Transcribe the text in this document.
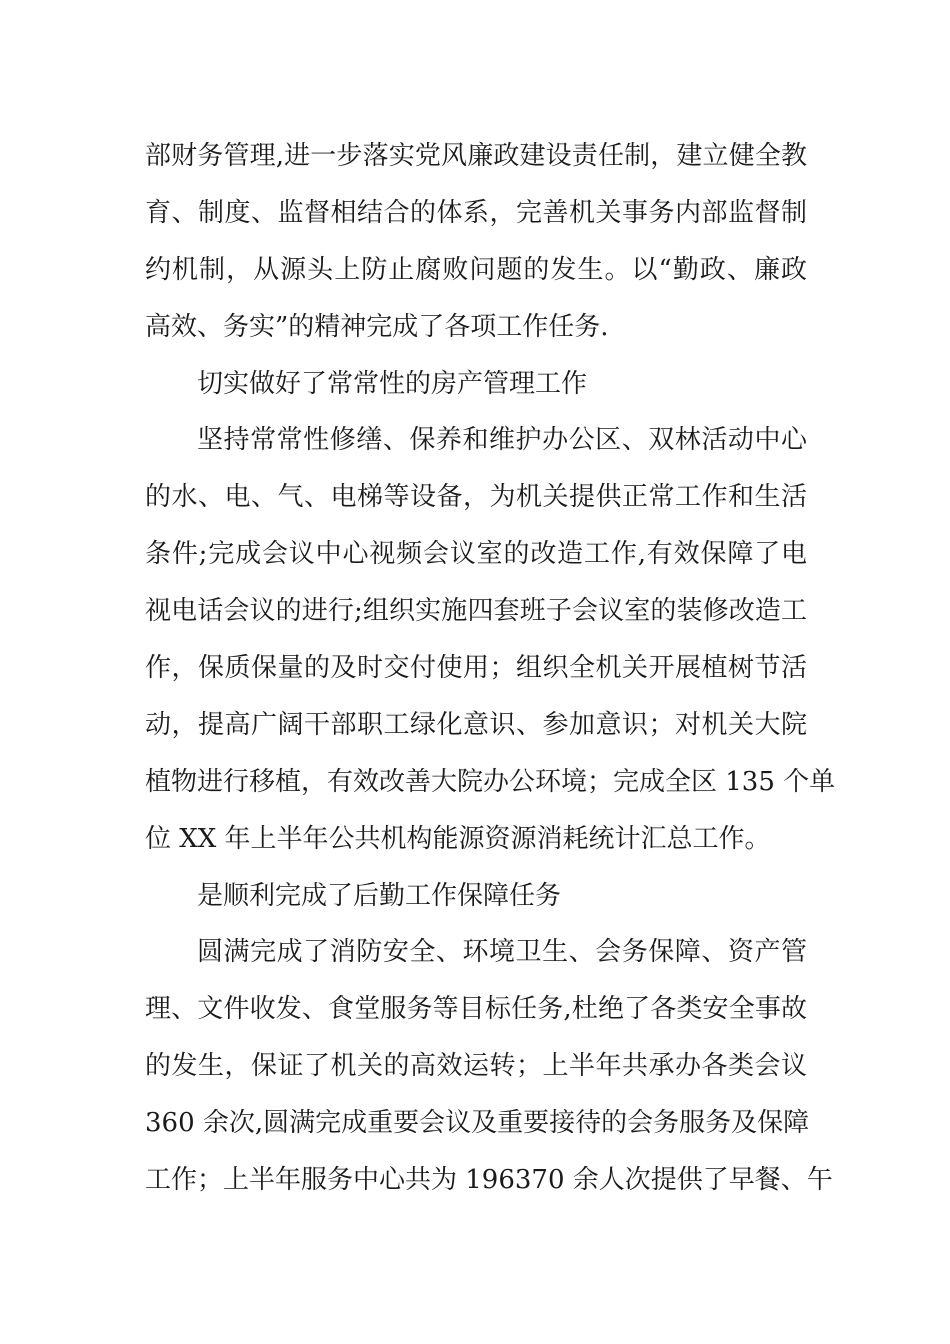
部财务管理,进一步落实党风廉政建设责任制，建立健全教
育、制度、监督相结合的体系，完善机关事务内部监督制
约机制，从源头上防止腐败问题的发生。以“勤政、廉政
高效、务实”的精神完成了各项工作任务.
切实做好了常常性的房产管理工作
坚持常常性修缮、保养和维护办公区、双林活动中心
的水、电、气、电梯等设备，为机关提供正常工作和生活
条件;完成会议中心视频会议室的改造工作,有效保障了电
视电话会议的进行;组织实施四套班子会议室的装修改造工
作，保质保量的及时交付使用；组织全机关开展植树节活
动，提高广阔干部职工绿化意识、参加意识；对机关大院
植物进行移植，有效改善大院办公环境；完成全区 135 个单
位 XX 年上半年公共机构能源资源消耗统计汇总工作。
是顺利完成了后勤工作保障任务
圆满完成了消防安全、环境卫生、会务保障、资产管
理、文件收发、食堂服务等目标任务,杜绝了各类安全事故
的发生，保证了机关的高效运转；上半年共承办各类会议
360 余次,圆满完成重要会议及重要接待的会务服务及保障
工作；上半年服务中心共为 196370 余人次提供了早餐、午
